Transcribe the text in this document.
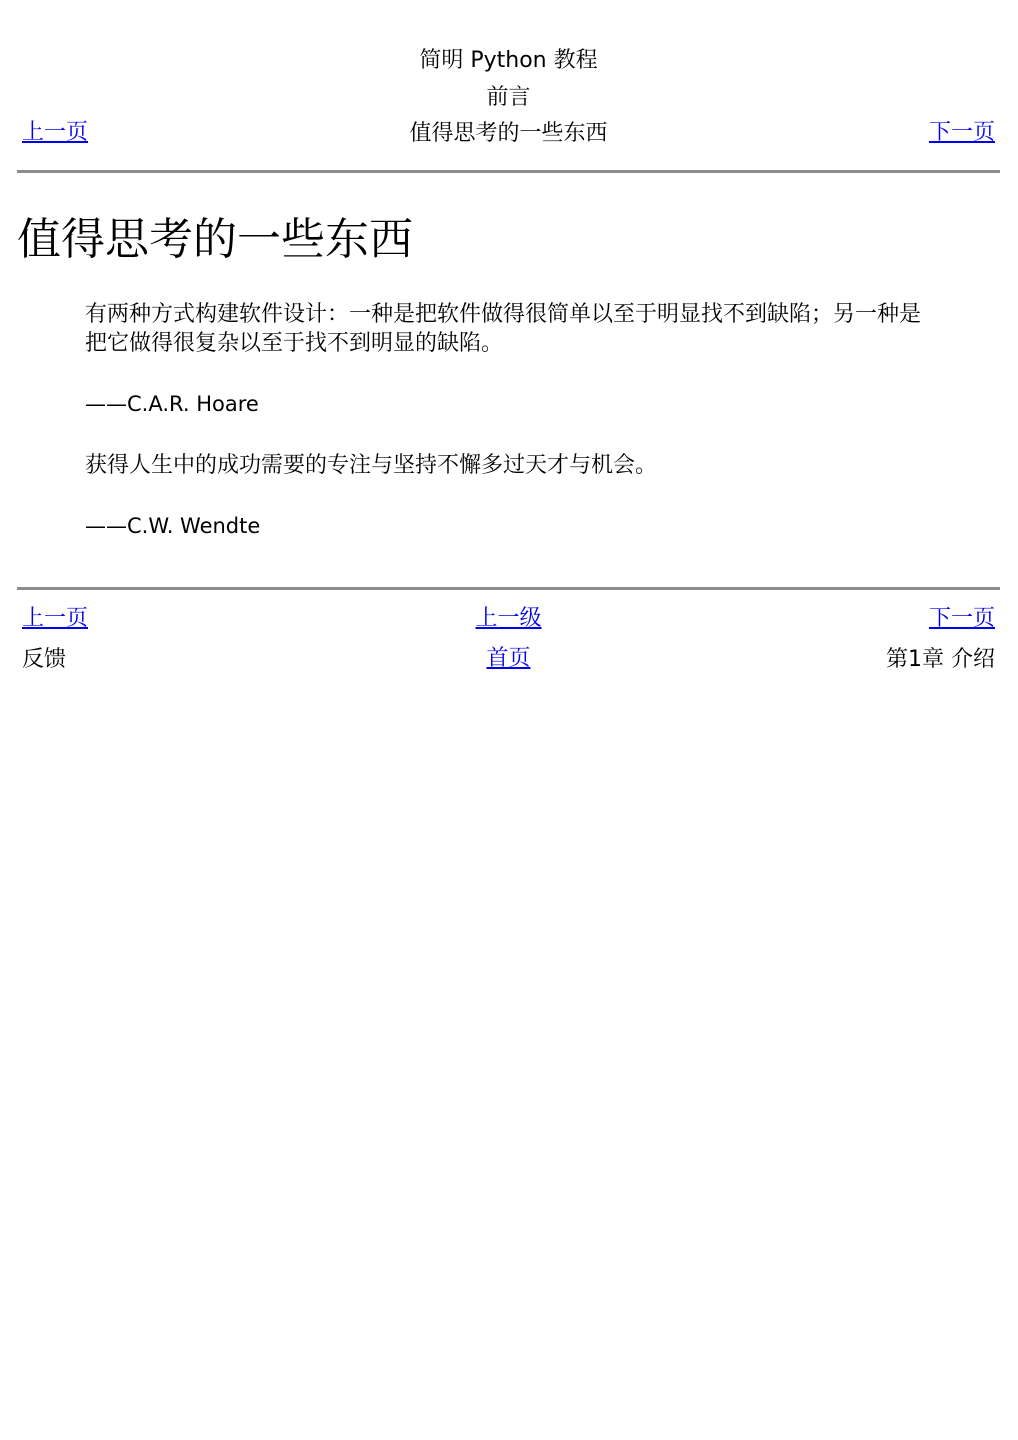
简明 Python 教程
前言
值得思考的一些东西
上一页	下一页
值得思考的一些东西

有两种方式构建软件设计：一种是把软件做得很简单以至于明显找不到缺陷；另一种是把它做得很复杂以至于找不到明显的缺陷。

——C.A.R. Hoare

获得人生中的成功需要的专注与坚持不懈多过天才与机会。

——C.W. Wendte

上一页	上一级	下一页
反馈	首页	第1章 介绍
